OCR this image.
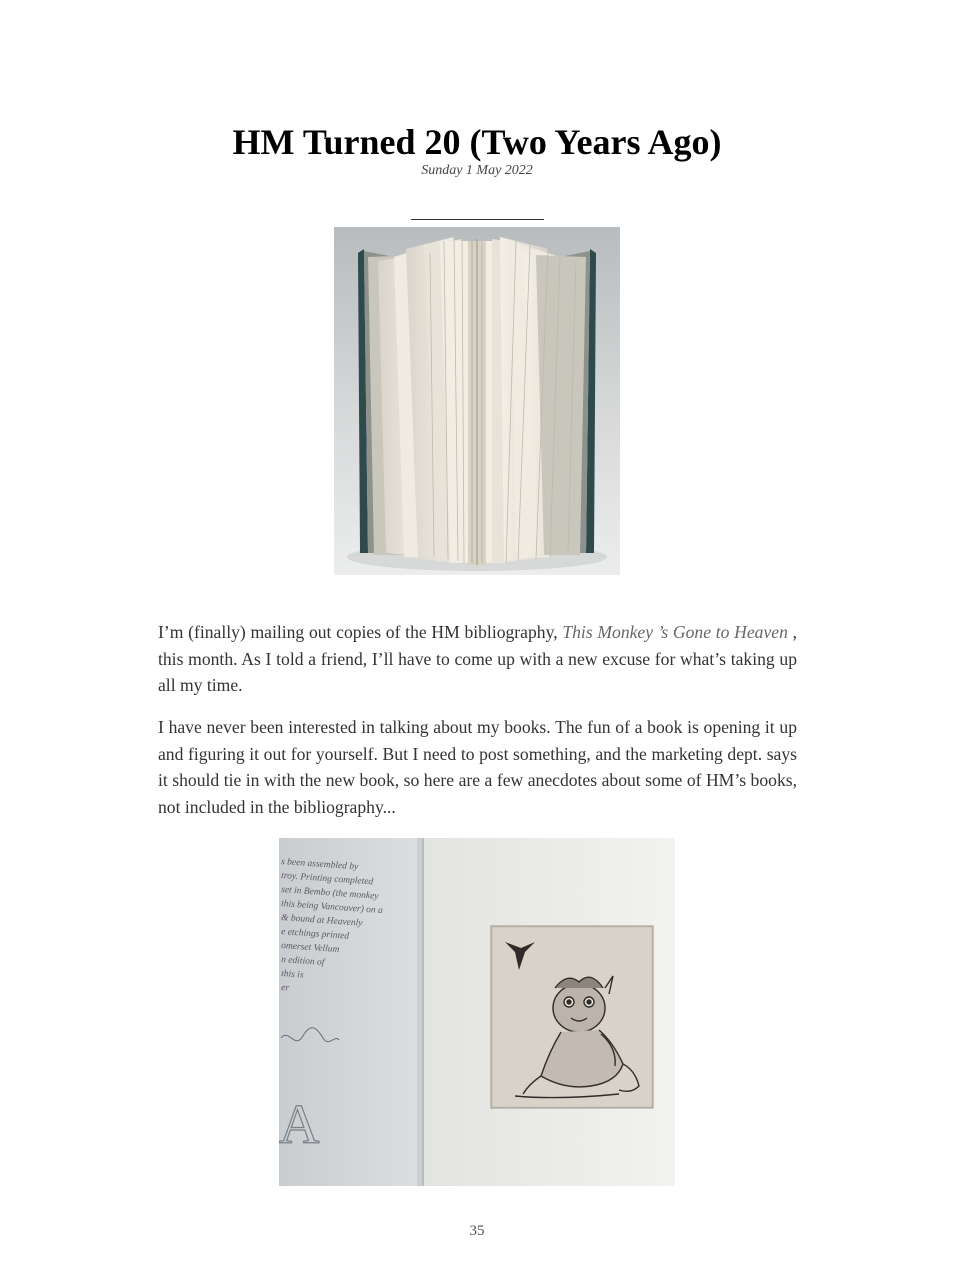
HM Turned 20 (Two Years Ago)
Sunday 1 May 2022

I’m (finally) mailing out copies of the HM bibliography, This Monkey ’s Gone to Heaven , this month. As I told a friend, I’ll have to come up with a new excuse for what’s taking up all my time.

I have never been interested in talking about my books. The fun of a book is opening it up and figuring it out for yourself. But I need to post something, and the marketing dept. says it should tie in with the new book, so here are a few anecdotes about some of HM’s books, not included in the bibliography...

s been assembled by
troy. Printing completed
set in Bembo (the monkey
this being Vancouver) on a
& bound at Heavenly
e etchings printed
omerset Vellum
n edition of
this is
er
A
35
